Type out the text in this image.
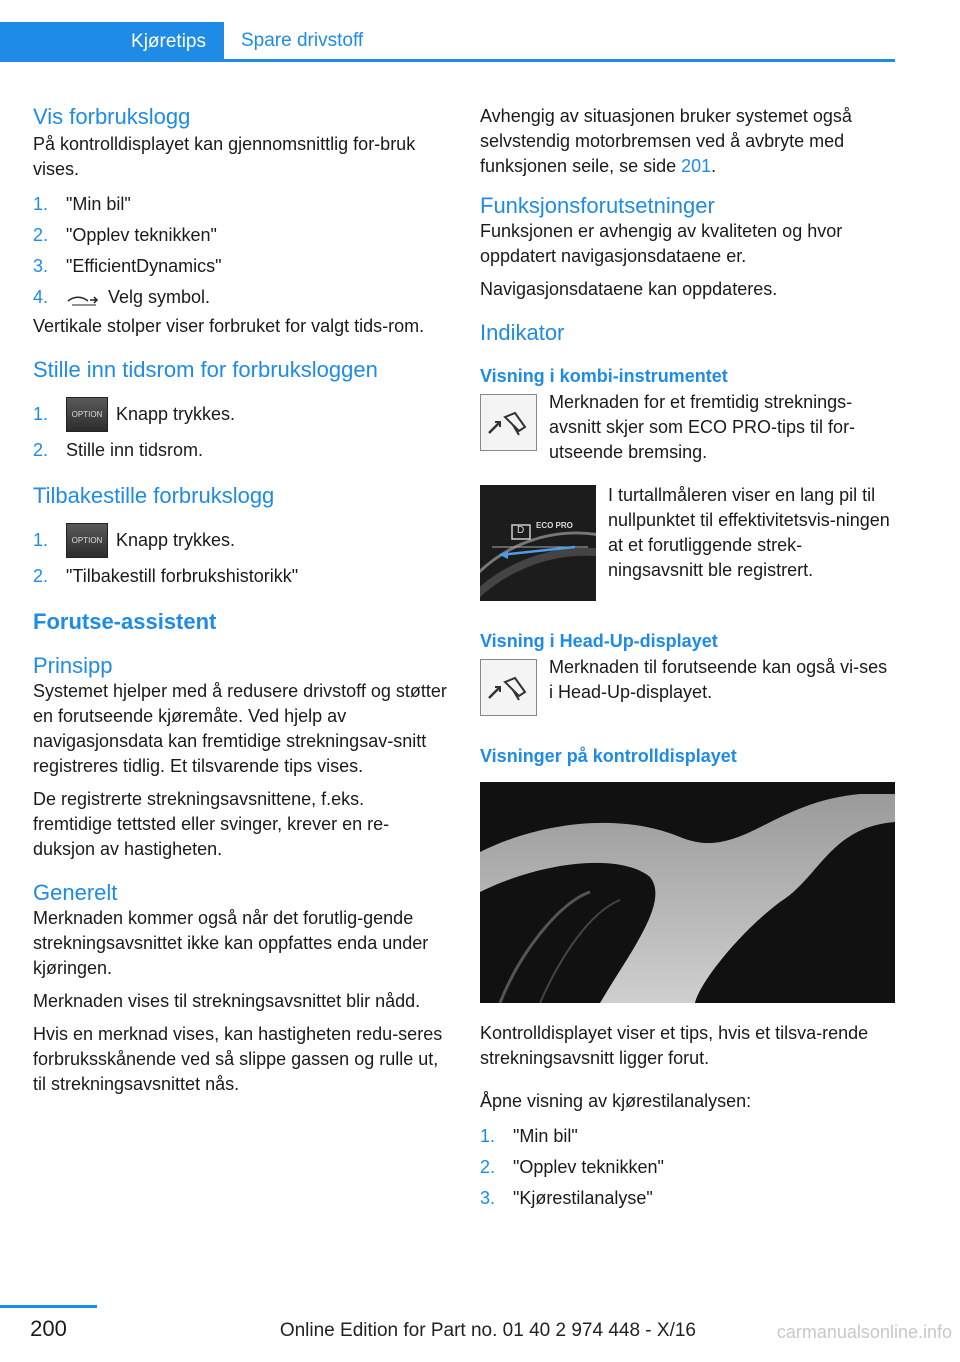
Kjøretips	Spare drivstoff
Vis forbrukslogg

På kontrolldisplayet kan gjennomsnittlig for-bruk vises.

1. "Min bil"
2. "Opplev teknikken"
3. "EfficientDynamics"
4.	Velg symbol.

Vertikale stolper viser forbruket for valgt tids-rom.

Stille inn tidsrom for forbruksloggen
1.	OPTION Knapp trykkes.
2. Stille inn tidsrom.
Tilbakestille forbrukslogg
1.	OPTION Knapp trykkes.
2. "Tilbakestill forbrukshistorikk"
Forutse-assistent
Prinsipp

Systemet hjelper med å redusere drivstoff og støtter en forutseende kjøremåte. Ved hjelp av navigasjonsdata kan fremtidige strekningsav-snitt registreres tidlig. Et tilsvarende tips vises.

De registrerte strekningsavsnittene, f.eks. fremtidige tettsted eller svinger, krever en re-duksjon av hastigheten.

Generelt

Merknaden kommer også når det forutlig-gende strekningsavsnittet ikke kan oppfattes enda under kjøringen.

Merknaden vises til strekningsavsnittet blir nådd.

Hvis en merknad vises, kan hastigheten redu-seres forbruksskånende ved så slippe gassen og rulle ut, til strekningsavsnittet nås.

Avhengig av situasjonen bruker systemet også selvstendig motorbremsen ved å avbryte med funksjonen seile, se side 201.

Funksjonsforutsetninger

Funksjonen er avhengig av kvaliteten og hvor oppdatert navigasjonsdataene er.

Navigasjonsdataene kan oppdateres.

Indikator
Visning i kombi-instrumentet

Merknaden for et fremtidig streknings-avsnitt skjer som ECO PRO-tips til for-utseende bremsing.

D ECO PRO

I turtallmåleren viser en lang pil til nullpunktet til effektivitetsvis-ningen at et forutliggende strek-ningsavsnitt ble registrert.

Visning i Head-Up-displayet

Merknaden til forutseende kan også vi-ses i Head-Up-displayet.

Visninger på kontrolldisplayet

Kontrolldisplayet viser et tips, hvis et tilsva-rende strekningsavsnitt ligger forut.

Åpne visning av kjørestilanalysen:

1. "Min bil"
2. "Opplev teknikken"
3. "Kjørestilanalyse"
200	Online Edition for Part no. 01 40 2 974 448 - X/16	carmanualsonline.info
